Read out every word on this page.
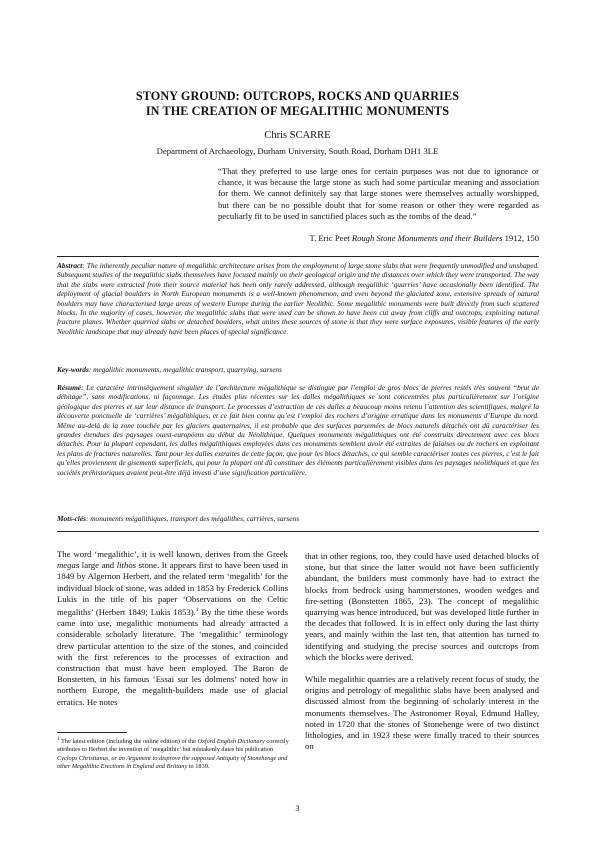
STONY GROUND: OUTCROPS, ROCKS AND QUARRIES
IN THE CREATION OF MEGALITHIC MONUMENTS
Chris SCARRE
Department of Archaeology, Durham University, South Road, Durham DH1 3LE
“That they preferred to use large ones for certain purposes was not due to ignorance or chance, it was because the large stone as such had some particular meaning and association for them. We cannot definitely say that large stones were themselves actually worshipped, but there can be no possible doubt that for some reason or other they were regarded as peculiarly fit to be used in sanctified places such as the tombs of the dead.”
T. Eric Peet Rough Stone Monuments and their Builders 1912, 150
Abstract: The inherently peculiar nature of megalithic architecture arises from the employment of large stone slabs that were frequently unmodified and unshaped. Subsequent studies of the megalithic slabs themselves have focused mainly on their geological origin and the distances over which they were transported. The way that the slabs were extracted from their source material has been only rarely addressed, although megalithic ‘quarries’ have occasionally been identified. The deployment of glacial boulders in North European monuments is a well-known phenomenon, and even beyond the glaciated zone, extensive spreads of natural boulders may have characterised large areas of western Europe during the earlier Neolithic. Some megalithic monuments were built directly from such scattered blocks. In the majority of cases, however, the megalithic slabs that were used can be shown to have been cut away from cliffs and outcrops, exploiting natural fracture planes. Whether quarried slabs or detached boulders, what unites these sources of stone is that they were surface exposures, visible features of the early Neolithic landscape that may already have been places of special significance.
Key-words: megalithic monuments, megalithic transport, quarrying, sarsens
Résumé: Le caractère intrinsèquement singulier de l’architecture mégalithique se distingue par l’emploi de gros blocs de pierres restés très souvent “brut de débitage”, sans modifications, ni façonnage. Les études plus récentes sur les dalles mégalithiques se sont concentrées plus particulièrement sur l’origine géologique des pierres et sur leur distance de transport. Le processus d’extraction de ces dalles a beaucoup moins retenu l’attention des scientifiques, malgré la découverte ponctuelle de ‘carrières’ mégalithiques, et ce fait bien connu qu’est l’emploi des rochers d’origine erratique dans les monuments d’Europe du nord. Même au-delà de la zone touchée par les glaciers quaternaires, il est probable que des surfaces parsemées de blocs naturels détachés ont dû caractériser les grandes étendues des paysages ouest-européens au début du Néolithique. Quelques monuments mégalithiques ont été construits directement avec ces blocs détachés. Pour la plupart cependant, les dalles mégalithiques employées dans ces monuments semblent avoir été extraites de falaises ou de rochers en exploitant les plans de fractures naturelles. Tant pour les dalles extraites de cette façon, que pour les blocs détachés, ce qui semble caractériser toutes ces pierres, c’est le fait qu’elles proviennent de gisements superficiels, qui pour la plupart ont dû constituer des éléments particulièrement visibles dans les paysages néolithiques et que les sociétés préhistoriques avaient peut-être déjà investi d’une signification particulière.
Mots-clés: monuments mégalithiques, transport des mégalithes, carrières, sarsens

The word ‘megalithic’, it is well known, derives from the Greek megas large and lithos stone. It appears first to have been used in 1849 by Algernon Herbert, and the related term ‘megalith’ for the individual block of stone, was added in 1853 by Frederick Collins Lukis in the title of his paper ‘Observations on the Celtic megaliths’ (Herbert 1849; Lukis 1853).$^1$ By the time these words came into use, megalithic monuments had already attracted a considerable scholarly literature. The ‘megalithic’ terminology drew particular attention to the size of the stones, and coincided with the first references to the processes of extraction and construction that must have been employed. The Baron de Bonstetten, in his famous ‘Essai sur les dolmens’ noted how in northern Europe, the megalith-builders made use of glacial erratics. He notes

that in other regions, too, they could have used detached blocks of stone, but that since the latter would not have been sufficiently abundant, the builders must commonly have had to extract the blocks from bedrock using hammerstones, wooden wedges and fire-setting (Bonstetten 1865, 23). The concept of megalithic quarrying was hence introduced, but was developed little further in the decades that followed. It is in effect only during the last thirty years, and mainly within the last ten, that attention has turned to identifying and studying the precise sources and outcrops from which the blocks were derived.

While megalithic quarries are a relatively recent focus of study, the origins and petrology of megalithic slabs have been analysed and discussed almost from the beginning of scholarly interest in the monuments themselves. The Astronomer Royal, Edmund Halley, noted in 1720 that the stones of Stonehenge were of two distinct lithologies, and in 1923 these were finally traced to their sources on

$^1$ The latest edition (including the online edition) of the Oxford English Dictionary correctly attributes to Herbert the invention of ‘megalithic’ but mistakenly dates his publication Cyclops Christianus, or an Argument to disprove the supposed Antiquity of Stonehenge and other Megalithic Erections in England and Brittany to 1839.
3
